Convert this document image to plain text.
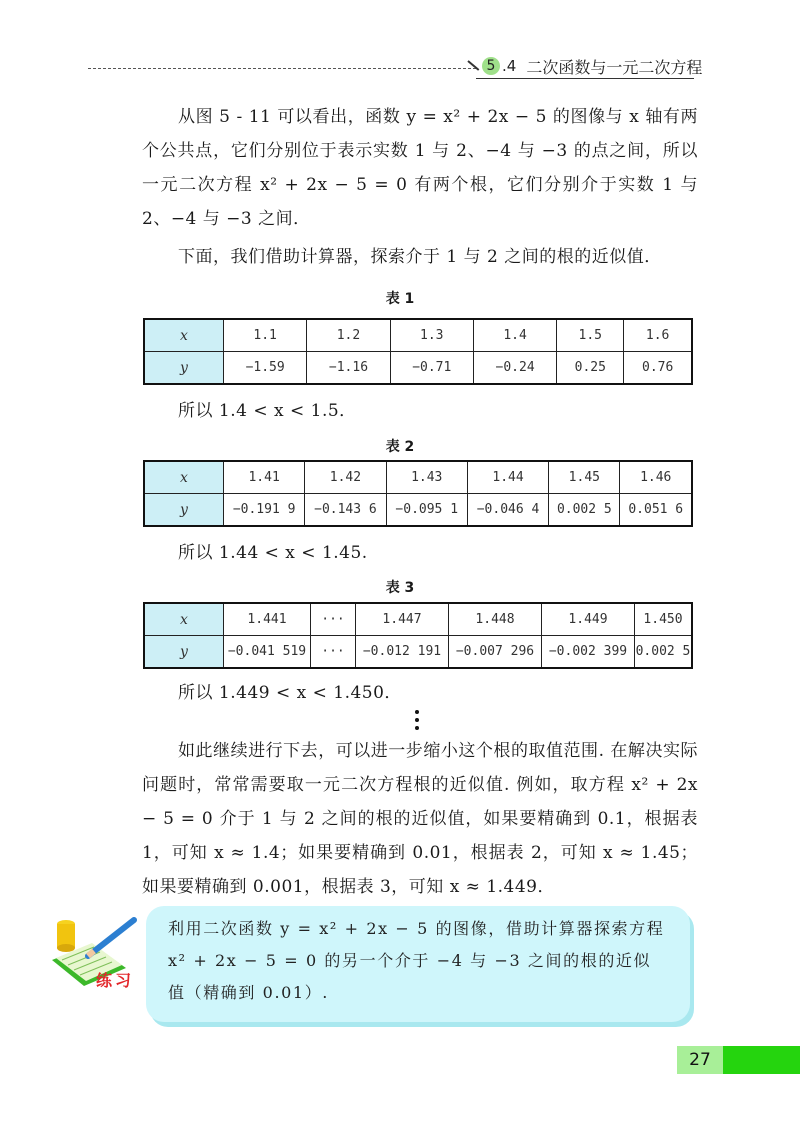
5 .4 二次函数与一元二次方程
从图 5 - 11 可以看出，函数 y = x² + 2x − 5 的图像与 x 轴有两个公共点，它们分别位于表示实数 1 与 2、−4 与 −3 的点之间，所以一元二次方程 x² + 2x − 5 = 0 有两个根，它们分别介于实数 1 与 2、−4 与 −3 之间．
下面，我们借助计算器，探索介于 1 与 2 之间的根的近似值．
表 1
x	1.1	1.2	1.3	1.4	1.5	1.6
y	−1.59	−1.16	−0.71	−0.24	0.25	0.76
所以 1.4 < x < 1.5．
表 2
x	1.41	1.42	1.43	1.44	1.45	1.46
y	−0.191 9	−0.143 6	−0.095 1	−0.046 4	0.002 5	0.051 6
所以 1.44 < x < 1.45.
表 3
x	1.441	···	1.447	1.448	1.449	1.450
y	−0.041 519	···	−0.012 191	−0.007 296	−0.002 399	0.002 5
所以 1.449 < x < 1.450．
如此继续进行下去，可以进一步缩小这个根的取值范围. 在解决实际问题时，常常需要取一元二次方程根的近似值. 例如，取方程 x² + 2x − 5 = 0 介于 1 与 2 之间的根的近似值，如果要精确到 0.1，根据表 1，可知 x ≈ 1.4；如果要精确到 0.01，根据表 2，可知 x ≈ 1.45；如果要精确到 0.001，根据表 3，可知 x ≈ 1.449．
练习
利用二次函数 y = x² + 2x − 5 的图像，借助计算器探索方程 x² + 2x − 5 = 0 的另一个介于 −4 与 −3 之间的根的近似值（精确到 0.01）.
27
